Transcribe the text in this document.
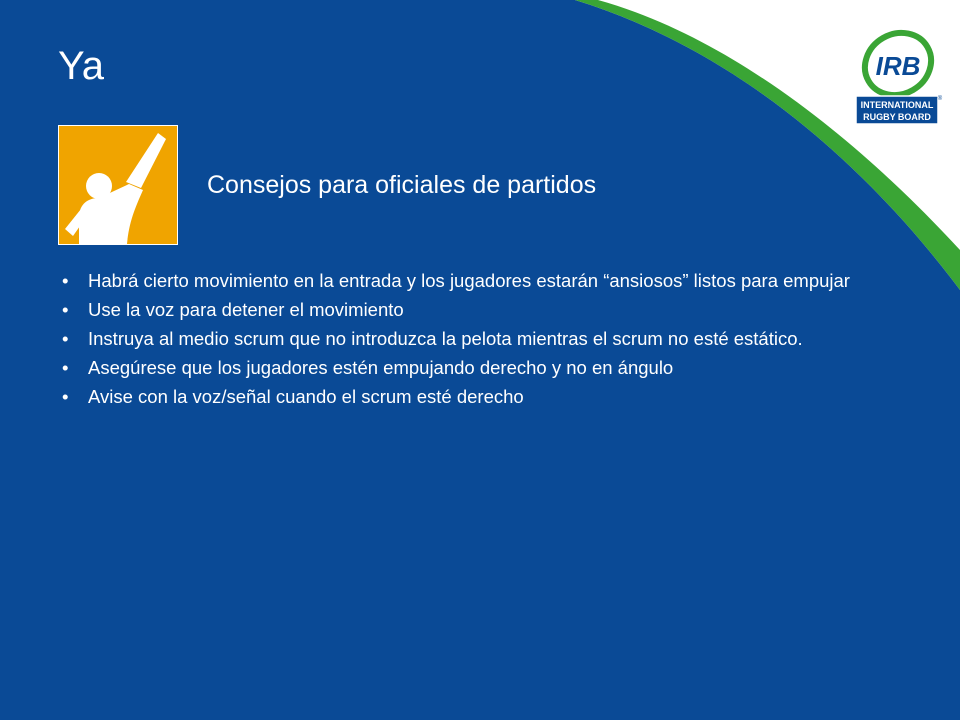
Ya
Consejos para oficiales de partidos
• Habrá cierto movimiento en la entrada y los jugadores estarán “ansiosos” listos para empujar
• Use la voz para detener el movimiento
• Instruya al medio scrum que no introduzca la pelota mientras el scrum no esté estático.
• Asegúrese que los jugadores estén empujando derecho y no en ángulo
• Avise con la voz/señal cuando el scrum esté derecho
IRB
INTERNATIONAL
RUGBY BOARD
®
